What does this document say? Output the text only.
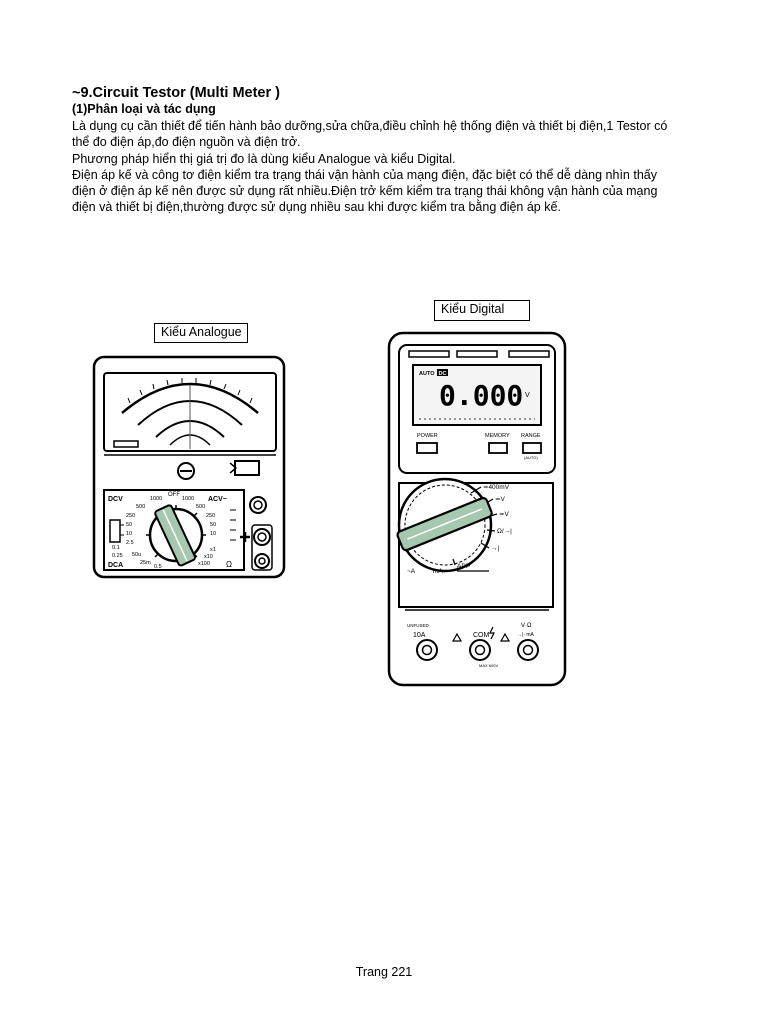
~9.Circuit Testor (Multi Meter )
(1)Phân loại và tác dụng

Là dụng cụ cần thiết để tiến hành bảo dưỡng,sửa chữa,điều chỉnh hệ thống điện và thiết bị điện,1 Testor có thể đo điện áp,đo điện nguồn và điện trở.

Phương pháp hiển thị giá trị đo là dùng kiểu Analogue và kiểu Digital.

Điện áp kế và công tơ điện kiểm tra trạng thái vận hành của mạng điện, đặc biệt có thể dễ dàng nhìn thấy điện ở điện áp kế nên được sử dụng rất nhiều.Điện trở kếm kiểm tra trạng thái không vận hành của mạng điện và thiết bị điện,thường được sử dụng nhiều sau khi được kiểm tra bằng điện áp kế.

Kiểu Analogue
Kiểu Digital
DCV	ACV~
DCA
OFF
1000
500
250
50
10
2.5
0.1
0.25 50u
25m
0.5
1000
500
250
50
10
x1
x10
x100 Ω
AUTO DC
0.000 V
POWER	MEMORY RANGE
(AUTO)
≃400mV
≃V
≃V
Ω/→|
→|
ADP
~A	mA
UNFUSED
10A	COM
V·Ω
→|· mA
MAX 600V
Trang 221
